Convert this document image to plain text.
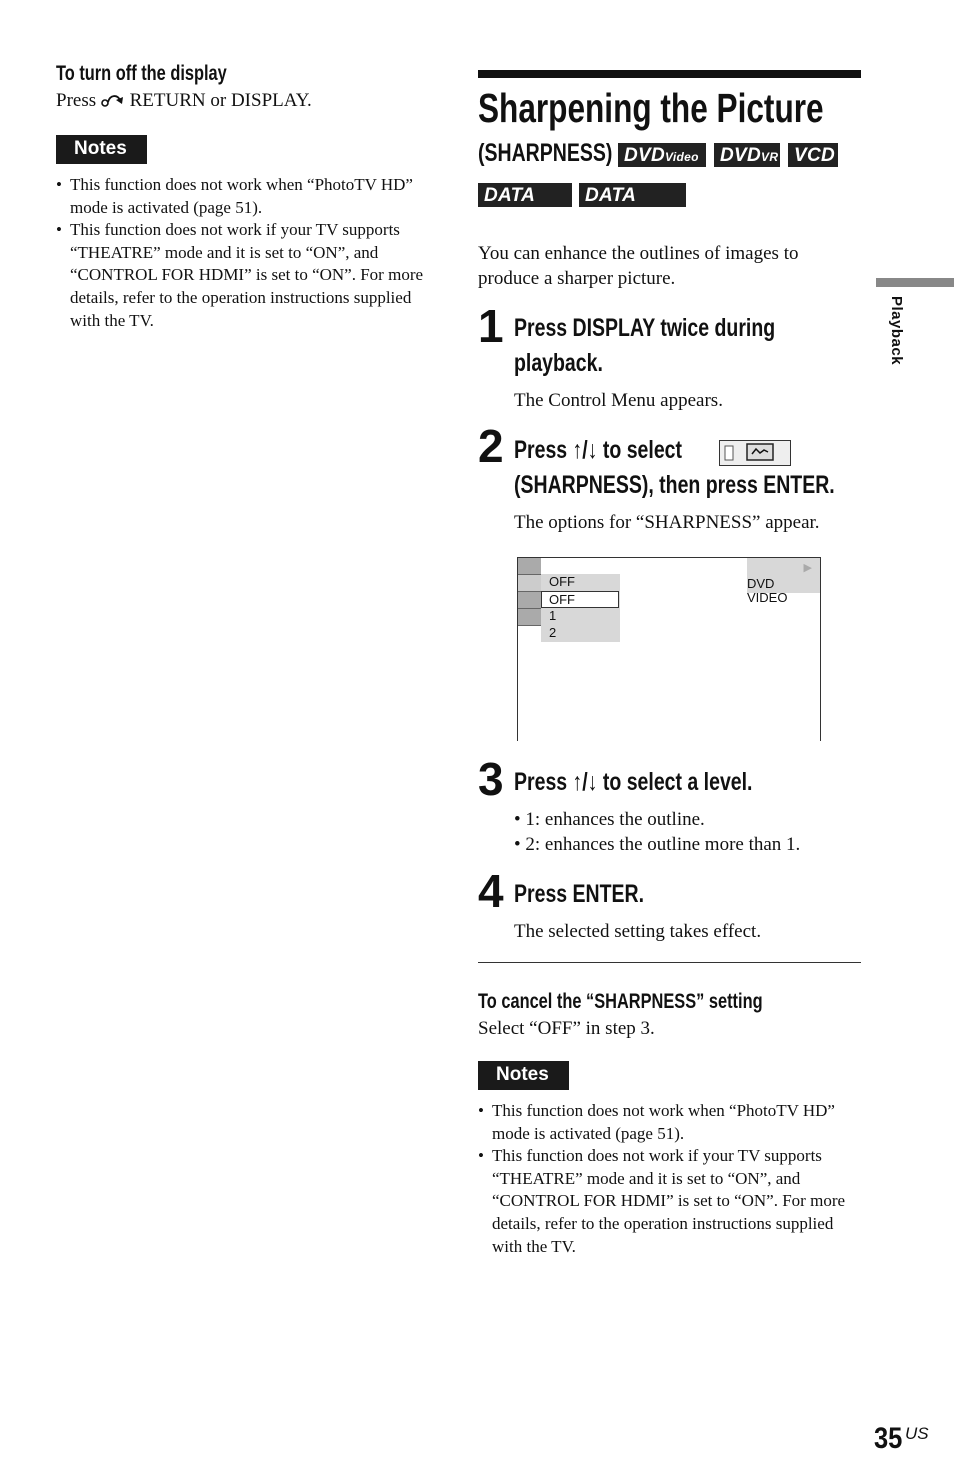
To turn off the display
Press  RETURN or DISPLAY.
Notes
• This function does not work when “PhotoTV HD” mode is activated (page 51).
• This function does not work if your TV supports “THEATRE” mode and it is set to “ON”, and “CONTROL FOR HDMI” is set to “ON”. For more details, refer to the operation instructions supplied with the TV.
Sharpening the Picture
(SHARPNESS) DVDVideo	DVDVR VCD
DATA CD
DATA DVD
You can enhance the outlines of images to produce a sharper picture.
1 Press DISPLAY twice during
playback.
The Control Menu appears.
2 Press ↑/↓ to select

(SHARPNESS), then press ENTER.
The options for “SHARPNESS” appear.
OFF
1
2
OFF
▶
DVD VIDEO
3 Press ↑/↓ to select a level.
• 1: enhances the outline.
• 2: enhances the outline more than 1.
4 Press ENTER.
The selected setting takes effect.
To cancel the “SHARPNESS” setting
Select “OFF” in step 3.
Notes
• This function does not work when “PhotoTV HD” mode is activated (page 51).
• This function does not work if your TV supports “THEATRE” mode and it is set to “ON”, and “CONTROL FOR HDMI” is set to “ON”. For more details, refer to the operation instructions supplied with the TV.
Playback
35 US
